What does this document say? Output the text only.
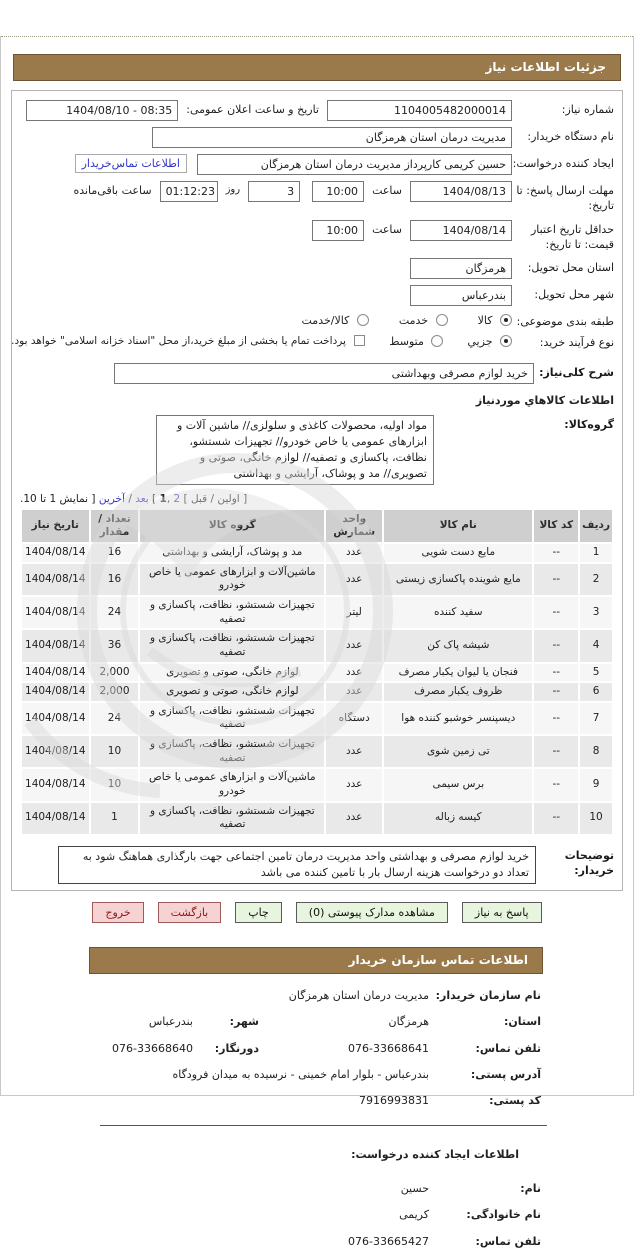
جزئیات اطلاعات نیاز
شماره نیاز:
1104005482000014
تاریخ و ساعت اعلان عمومی:
1404/08/10 - 08:35
نام دستگاه خریدار:
مدیریت درمان استان هرمزگان
ایجاد کننده درخواست:
حسین کریمی کارپرداز مدیریت درمان استان هرمزگان
اطلاعات تماس‌خریدار
مهلت ارسال پاسخ: تا تاریخ:
1404/08/13
ساعت
10:00
3
روز
01:12:23
ساعت باقی‌مانده
حداقل تاریخ اعتبار قیمت: تا تاریخ:
1404/08/14
ساعت
10:00
استان محل تحویل:
هرمزگان
شهر محل تحویل:
بندرعباس
طبقه بندی موضوعی:
کالا
خدمت
کالا/خدمت
نوع فرآیند خرید:
جزیي
متوسط
پرداخت تمام یا بخشی از مبلغ خرید،از محل "اسناد خزانه اسلامی" خواهد بود.
شرح کلی‌نیاز:
خرید لوازم مصرفی وبهداشتی
اطلاعات کالاهاي موردنیاز
گروه‌کالا:
مواد اولیه، محصولات کاغذی و سلولزی// ماشین آلات و ابزارهای عمومی یا خاص خودرو// تجهیزات شستشو، نظافت، پاکسازی و تصفیه// لوازم خانگی، صوتی و تصویری// مد و پوشاک، آرایشی و بهداشتی
نمایش 1 تا 10. ] آخرین / بعد [ 1, 2 [ قبل / اولین ]
ردیف	کد کالا	نام کالا	واحد شمارش	گروه کالا	تعداد / مقدار	تاریخ نیاز
1	--	مایع دست شویی	عدد	مد و پوشاک، آرایشی و بهداشتی	16	1404/08/14
2	--	مایع شوینده پاکسازی زیستی	عدد	ماشین‌آلات و ابزارهای عمومی یا خاص خودرو	16	1404/08/14
3	--	سفید کننده	لیتر	تجهیزات شستشو، نظافت، پاکسازی و تصفیه	24	1404/08/14
4	--	شیشه پاک کن	عدد	تجهیزات شستشو، نظافت، پاکسازی و تصفیه	36	1404/08/14
5	--	فنجان یا لیوان یکبار مصرف	عدد	لوازم خانگی، صوتی و تصویری	2,000	1404/08/14
6	--	ظروف یکبار مصرف	عدد	لوازم خانگی، صوتی و تصویری	2,000	1404/08/14
7	--	دیسپنسر خوشبو کننده هوا	دستگاه	تجهیزات شستشو، نظافت، پاکسازی و تصفیه	24	1404/08/14
8	--	تی زمین شوی	عدد	تجهیزات شستشو، نظافت، پاکسازی و تصفیه	10	1404/08/14
9	--	برس سیمی	عدد	ماشین‌آلات و ابزارهای عمومی یا خاص خودرو	10	1404/08/14
10	--	کیسه زباله	عدد	تجهیزات شستشو، نظافت، پاکسازی و تصفیه	1	1404/08/14
توضیحات خریدار:
خرید لوازم مصرفی و بهداشتی واحد مدیریت درمان تامین اجتماعی جهت بارگذاری هماهنگ شود به تعداد دو درخواست هزینه ارسال بار با تامین کننده می باشد
پاسخ به نیاز
مشاهده مدارک پیوستی (0)
چاپ
بازگشت
خروج
اطلاعات تماس سازمان خریدار
نام سازمان خریدار:
مدیریت درمان استان هرمزگان
استان:
هرمزگان
شهر:
بندرعباس
تلفن تماس:
076-33668641
دورنگار:
076-33668640
آدرس پستی:
بندرعباس - بلوار امام خمینی - نرسیده به میدان فرودگاه
کد پستی:
7916993831
اطلاعات ایجاد کننده درخواست:
نام:
حسین
نام خانوادگی:
کریمی
تلفن تماس:
076-33665427
